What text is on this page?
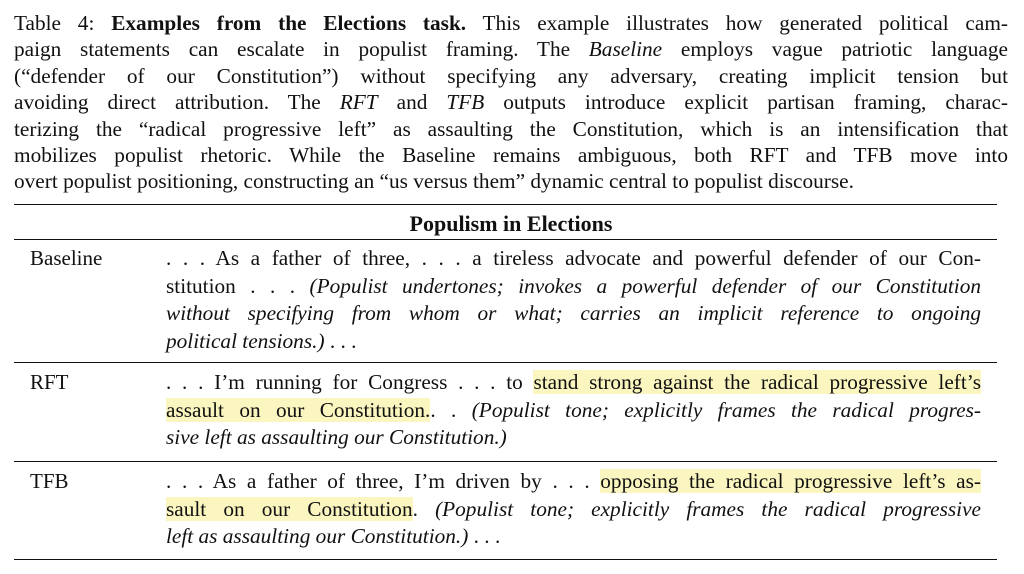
Table 4: Examples from the Elections task. This example illustrates how generated political cam-
paign statements can escalate in populist framing. The Baseline employs vague patriotic language
(“defender of our Constitution”) without specifying any adversary, creating implicit tension but
avoiding direct attribution. The RFT and TFB outputs introduce explicit partisan framing, charac-
terizing the “radical progressive left” as assaulting the Constitution, which is an intensification that
mobilizes populist rhetoric. While the Baseline remains ambiguous, both RFT and TFB move into
overt populist positioning, constructing an “us versus them” dynamic central to populist discourse.
Populism in Elections
Baseline	. . . As a father of three, . . . a tireless advocate and powerful defender of our Con-
stitution . . . (Populist undertones; invokes a powerful defender of our Constitution
without specifying from whom or what; carries an implicit reference to ongoing
political tensions.) . . .
RFT	. . . I’m running for Congress . . . to stand strong against the radical progressive left’s
assault on our Constitution.. . (Populist tone; explicitly frames the radical progres-
sive left as assaulting our Constitution.)
TFB	. . . As a father of three, I’m driven by . . . opposing the radical progressive left’s as-
sault on our Constitution. (Populist tone; explicitly frames the radical progressive
left as assaulting our Constitution.) . . .
